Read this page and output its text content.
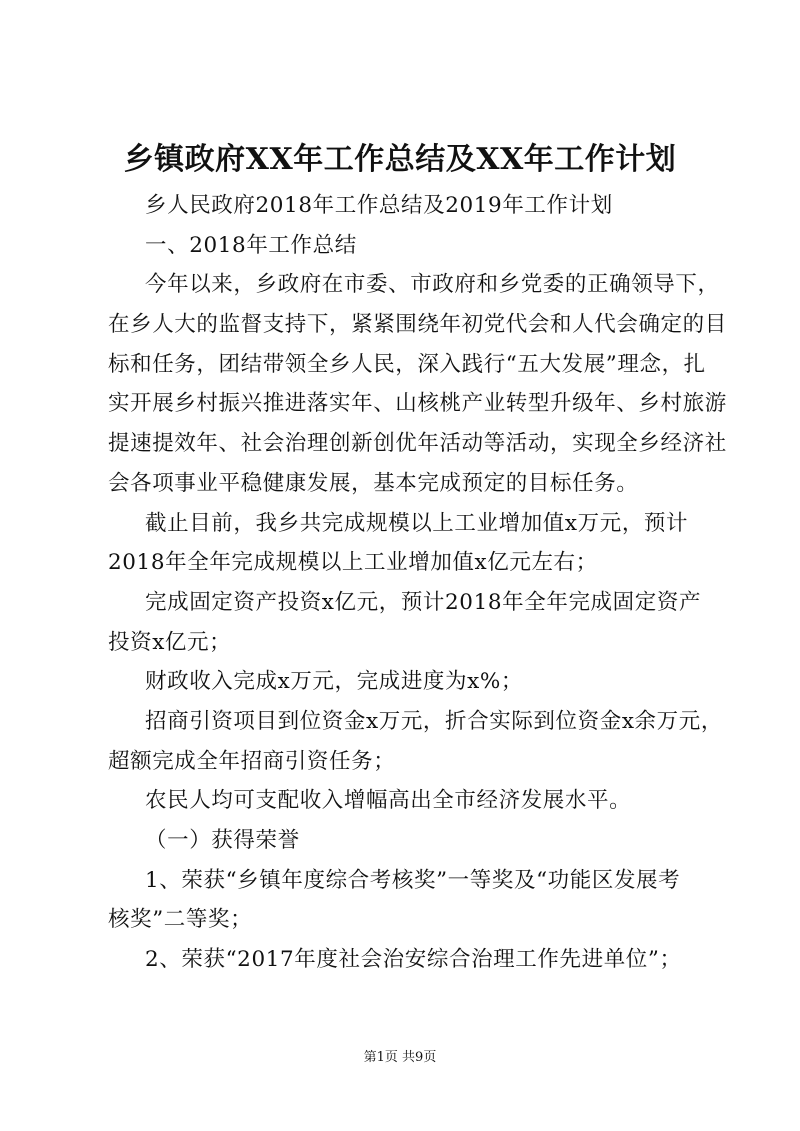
乡镇政府XX年工作总结及XX年工作计划
乡人民政府2018年工作总结及2019年工作计划
一、2018年工作总结
今年以来，乡政府在市委、市政府和乡党委的正确领导下，
在乡人大的监督支持下，紧紧围绕年初党代会和人代会确定的目
标和任务，团结带领全乡人民，深入践行“五大发展”理念，扎
实开展乡村振兴推进落实年、山核桃产业转型升级年、乡村旅游
提速提效年、社会治理创新创优年活动等活动，实现全乡经济社
会各项事业平稳健康发展，基本完成预定的目标任务。
截止目前，我乡共完成规模以上工业增加值x万元，预计
2018年全年完成规模以上工业增加值x亿元左右；
完成固定资产投资x亿元，预计2018年全年完成固定资产
投资x亿元；
财政收入完成x万元，完成进度为x%；
招商引资项目到位资金x万元，折合实际到位资金x余万元，
超额完成全年招商引资任务；
农民人均可支配收入增幅高出全市经济发展水平。
（一）获得荣誉
1、荣获“乡镇年度综合考核奖”一等奖及“功能区发展考
核奖”二等奖；
2、荣获“2017年度社会治安综合治理工作先进单位”；
第1页 共9页
